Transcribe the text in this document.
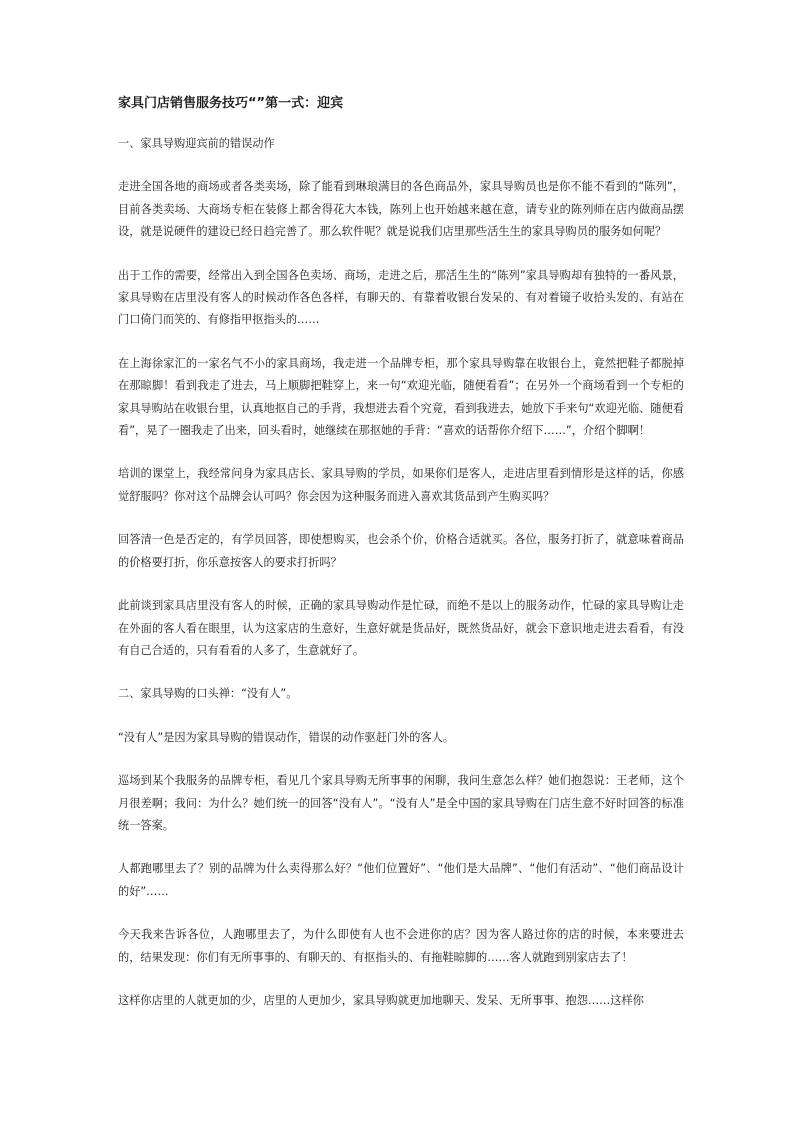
家具门店销售服务技巧“”第一式：迎宾

一、家具导购迎宾前的错误动作

走进全国各地的商场或者各类卖场，除了能看到琳琅满目的各色商品外，家具导购员也是你不能不看到的“陈列”，目前各类卖场、大商场专柜在装修上都舍得花大本钱，陈列上也开始越来越在意，请专业的陈列师在店内做商品摆设，就是说硬件的建设已经日趋完善了。那么软件呢？就是说我们店里那些活生生的家具导购员的服务如何呢？

出于工作的需要，经常出入到全国各色卖场、商场，走进之后，那活生生的“陈列”家具导购却有独特的一番风景，家具导购在店里没有客人的时候动作各色各样，有聊天的、有靠着收银台发呆的、有对着镜子收拾头发的、有站在门口倚门而笑的、有修指甲抠指头的……

在上海徐家汇的一家名气不小的家具商场，我走进一个品牌专柜，那个家具导购靠在收银台上，竟然把鞋子都脱掉在那晾脚！看到我走了进去，马上顺脚把鞋穿上，来一句“欢迎光临，随便看看”；在另外一个商场看到一个专柜的家具导购站在收银台里，认真地抠自己的手背，我想进去看个究竟，看到我进去，她放下手来句“欢迎光临、随便看看”，晃了一圈我走了出来，回头看时，她继续在那抠她的手背：“喜欢的话帮你介绍下……”，介绍个脚啊！

培训的课堂上，我经常问身为家具店长、家具导购的学员，如果你们是客人，走进店里看到情形是这样的话，你感觉舒服吗？你对这个品牌会认可吗？你会因为这种服务而进入喜欢其货品到产生购买吗？

回答清一色是否定的，有学员回答，即使想购买，也会杀个价，价格合适就买。各位，服务打折了，就意味着商品的价格要打折，你乐意按客人的要求打折吗？

此前谈到家具店里没有客人的时候，正确的家具导购动作是忙碌，而绝不是以上的服务动作，忙碌的家具导购让走在外面的客人看在眼里，认为这家店的生意好，生意好就是货品好，既然货品好，就会下意识地走进去看看，有没有自己合适的，只有看看的人多了，生意就好了。

二、家具导购的口头禅：“没有人”。

“没有人”是因为家具导购的错误动作，错误的动作驱赶门外的客人。

巡场到某个我服务的品牌专柜，看见几个家具导购无所事事的闲聊，我问生意怎么样？她们抱怨说：王老师，这个月很差啊；我问：为什么？她们统一的回答“没有人”。“没有人”是全中国的家具导购在门店生意不好时回答的标准统一答案。

人都跑哪里去了？别的品牌为什么卖得那么好？“他们位置好”、“他们是大品牌”、“他们有活动”、“他们商品设计的好”……

今天我来告诉各位，人跑哪里去了，为什么即使有人也不会进你的店？因为客人路过你的店的时候，本来要进去的，结果发现：你们有无所事事的、有聊天的、有抠指头的、有拖鞋晾脚的……客人就跑到别家店去了！

这样你店里的人就更加的少，店里的人更加少，家具导购就更加地聊天、发呆、无所事事、抱怨……这样你
